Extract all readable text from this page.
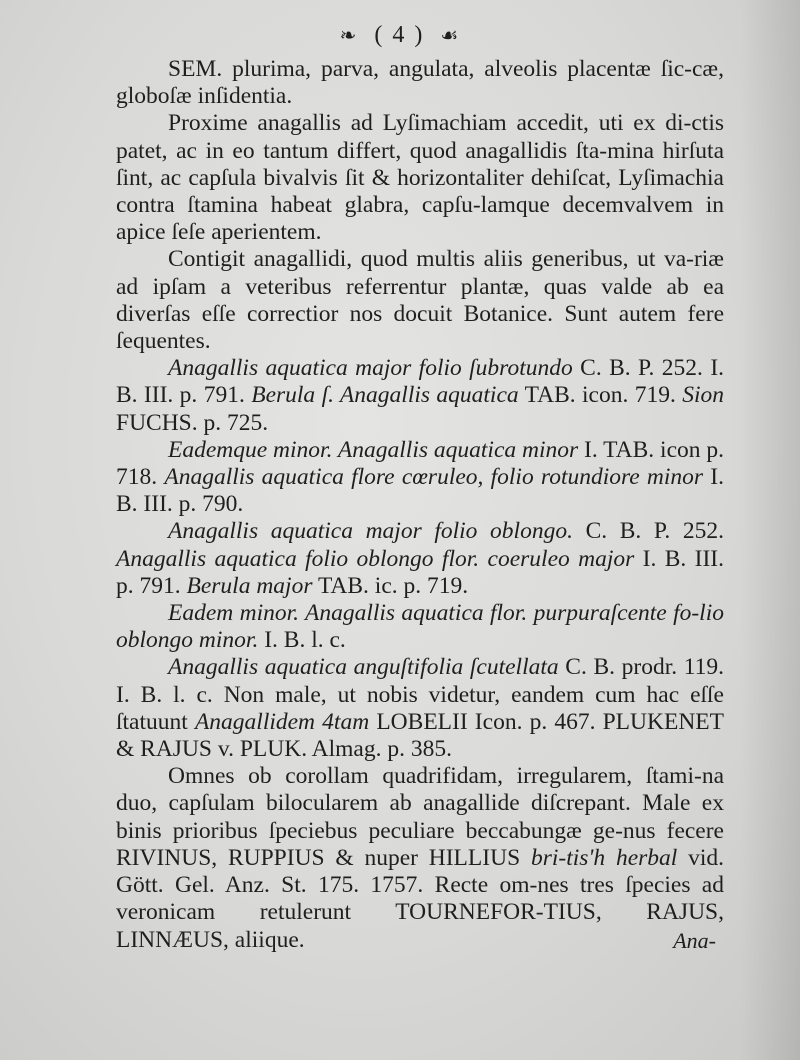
❧ ( 4 ) ☙

SEM. plurima, parva, angulata, alveolis placentæ ſic-cæ, globoſæ inſidentia.

Proxime anagallis ad Lyſimachiam accedit, uti ex di-ctis patet, ac in eo tantum differt, quod anagallidis ſta-mina hirſuta ſint, ac capſula bivalvis ſit & horizontaliter dehiſcat, Lyſimachia contra ſtamina habeat glabra, capſu-lamque decemvalvem in apice ſeſe aperientem.

Contigit anagallidi, quod multis aliis generibus, ut va-riæ ad ipſam a veteribus referrentur plantæ, quas valde ab ea diverſas eſſe correctior nos docuit Botanice. Sunt autem fere ſequentes.

Anagallis aquatica major folio ſubrotundo C. B. P. 252. I. B. III. p. 791. Berula ſ. Anagallis aquatica TAB. icon. 719. Sion FUCHS. p. 725.

Eademque minor. Anagallis aquatica minor I. TAB. icon p. 718. Anagallis aquatica flore cœruleo, folio rotundiore minor I. B. III. p. 790.

Anagallis aquatica major folio oblongo. C. B. P. 252. Anagallis aquatica folio oblongo flor. coeruleo major I. B. III. p. 791. Berula major TAB. ic. p. 719.

Eadem minor. Anagallis aquatica flor. purpuraſcente fo-lio oblongo minor. I. B. l. c.

Anagallis aquatica anguſtifolia ſcutellata C. B. prodr. 119. I. B. l. c. Non male, ut nobis videtur, eandem cum hac eſſe ſtatuunt Anagallidem 4tam LOBELII Icon. p. 467. PLUKENET & RAJUS v. PLUK. Almag. p. 385.

Omnes ob corollam quadrifidam, irregularem, ſtami-na duo, capſulam bilocularem ab anagallide diſcrepant. Male ex binis prioribus ſpeciebus peculiare beccabungæ ge-nus fecere RIVINUS, RUPPIUS & nuper HILLIUS bri-tis'h herbal vid. Gött. Gel. Anz. St. 175. 1757. Recte om-nes tres ſpecies ad veronicam retulerunt TOURNEFOR-TIUS, RAJUS, LINNÆUS, aliique.	Ana-
